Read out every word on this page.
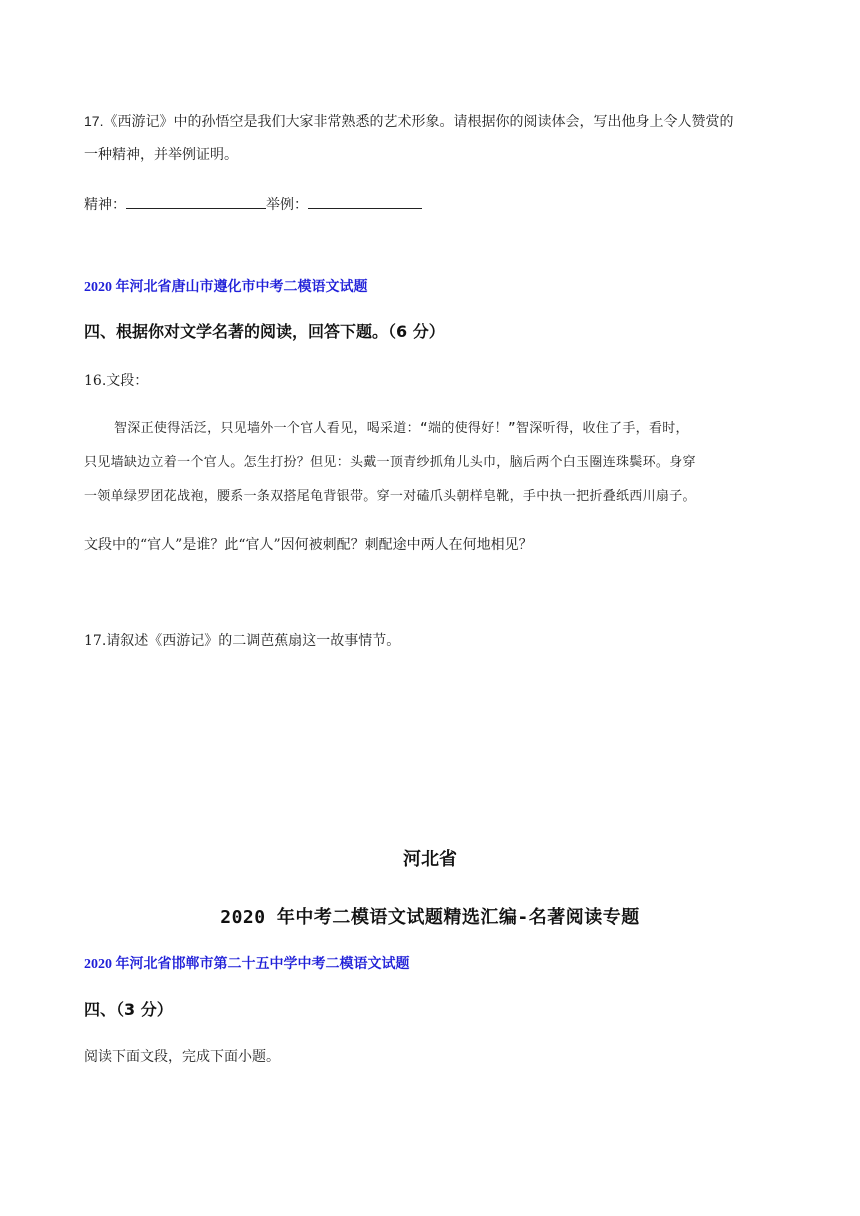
17.《西游记》中的孙悟空是我们大家非常熟悉的艺术形象。请根据你的阅读体会，写出他身上令人赞赏的
一种精神，并举例证明。
精神：	举例：
2020 年河北省唐山市遵化市中考二模语文试题
四、根据你对文学名著的阅读，回答下题。（6 分）
16.文段：
智深正使得活泛，只见墙外一个官人看见，喝采道：“端的使得好！”智深听得，收住了手，看时，
只见墙缺边立着一个官人。怎生打扮？但见：头戴一顶青纱抓角儿头巾，脑后两个白玉圈连珠鬓环。身穿
一领单绿罗团花战袍，腰系一条双搭尾龟背银带。穿一对磕爪头朝样皂靴，手中执一把折叠纸西川扇子。
文段中的“官人”是谁？此“官人”因何被刺配？刺配途中两人在何地相见？
17.请叙述《西游记》的二调芭蕉扇这一故事情节。
河北省
2020 年中考二模语文试题精选汇编-名著阅读专题
2020 年河北省邯郸市第二十五中学中考二模语文试题
四、（3 分）
阅读下面文段，完成下面小题。
